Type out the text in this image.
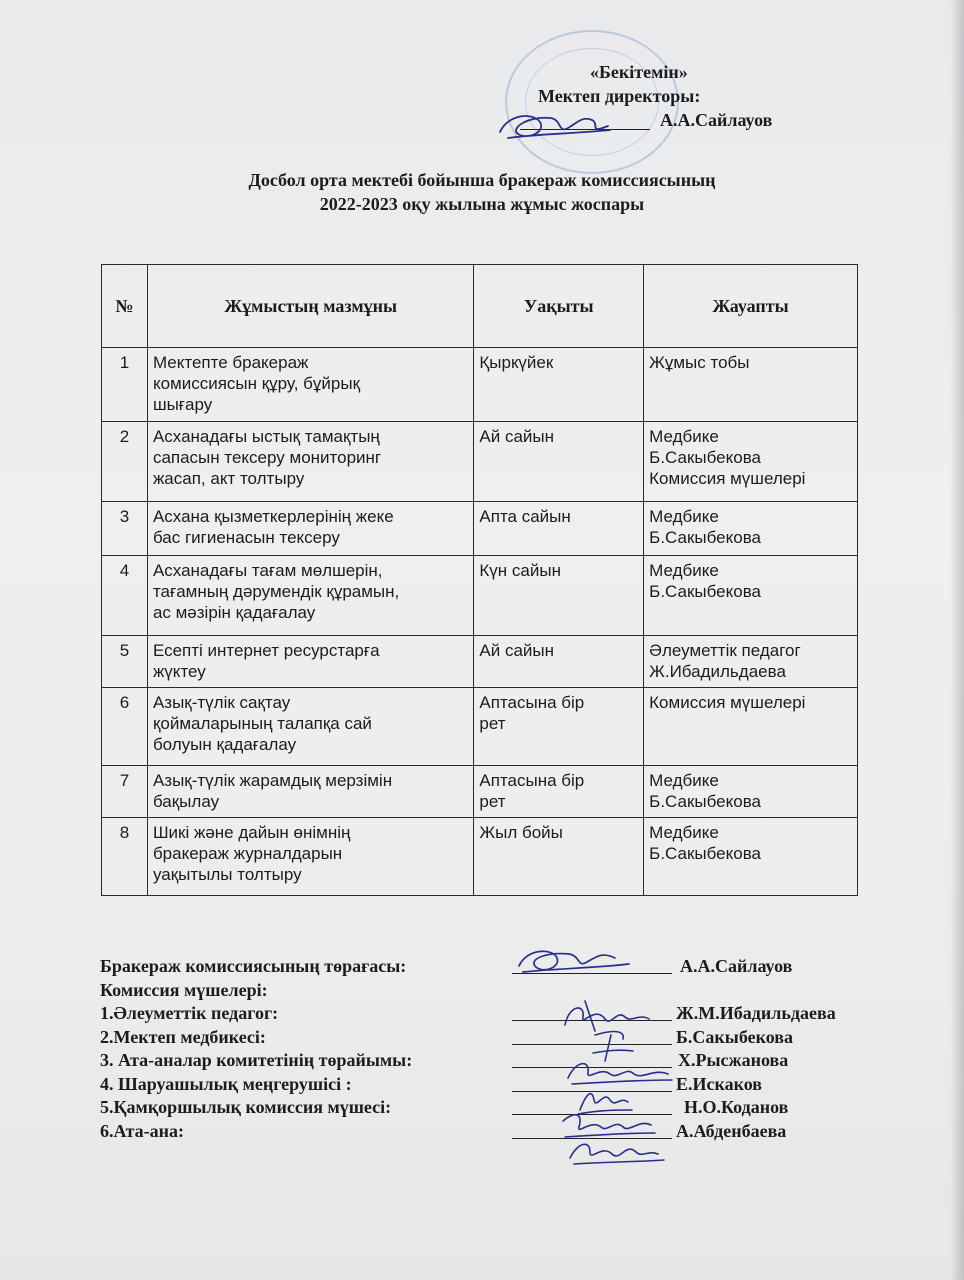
«Бекітемін»
Мектеп директоры:
А.А.Сайлауов
Досбол орта мектебі бойынша бракераж комиссиясының
2022-2023 оқу жылына жұмыс жоспары
№	Жұмыстың мазмұны	Уақыты	Жауапты
1	Мектепте бракераж
комиссиясын құру, бұйрық
шығару	Қыркүйек	Жұмыс тобы

2	Асханадағы ыстық тамақтың
сапасын тексеру мониторинг
жасап, акт толтыру	Ай сайын	Медбике
Б.Сакыбекова
Комиссия мүшелері

3	Асхана қызметкерлерінің жеке
бас гигиенасын тексеру	Апта сайын	Медбике
Б.Сакыбекова

4	Асханадағы тағам мөлшерін,
тағамның дәрумендік құрамын,
ас мәзірін қадағалау	Күн сайын	Медбике
Б.Сакыбекова

5	Есепті интернет ресурстарға
жүктеу	Ай сайын	Әлеуметтік педагог
Ж.Ибадильдаева

6	Азық-түлік сақтау
қоймаларының талапқа сай
болуын қадағалау	Аптасына бір
рет	Комиссия мүшелері

7	Азық-түлік жарамдық мерзімін
бақылау	Аптасына бір
рет	Медбике
Б.Сакыбекова

8	Шикі және дайын өнімнің
бракераж журналдарын
уақытылы толтыру	Жыл бойы	Медбике
Б.Сакыбекова
Бракераж комиссиясының төрағасы:	А.А.Сайлауов
Комиссия мүшелері:
1.Әлеуметтік педагог:	Ж.М.Ибадильдаева
2.Мектеп медбикесі:	Б.Сакыбекова
3. Ата-аналар комитетінің төрайымы:	Х.Рысжанова
4. Шаруашылық меңгерушісі :	Е.Искаков
5.Қамқоршылық комиссия мүшесі:	Н.О.Коданов
6.Ата-ана:	А.Абденбаева
